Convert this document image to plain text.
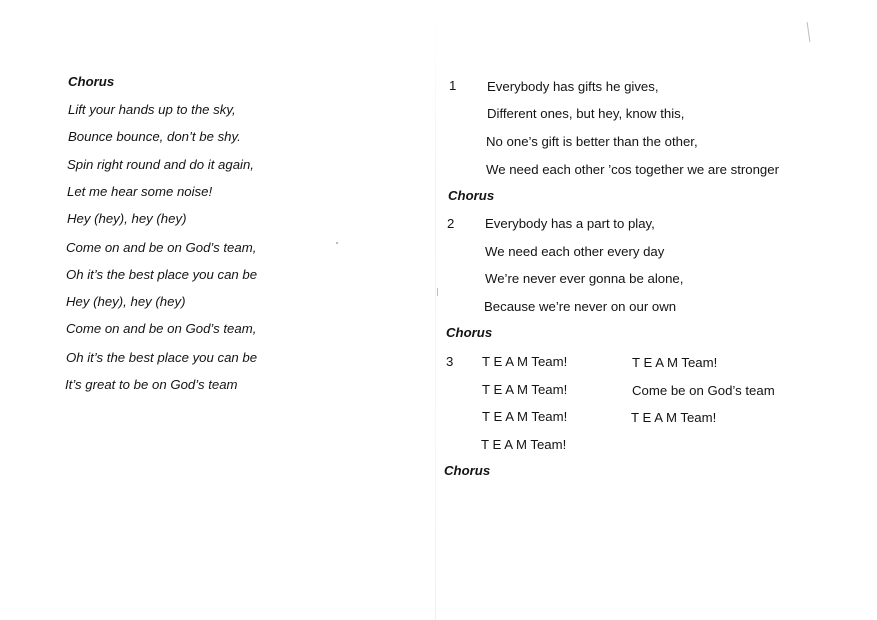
Chorus
Lift your hands up to the sky,
Bounce bounce, don’t be shy.
Spin right round and do it again,
Let me hear some noise!
Hey (hey), hey (hey)
Come on and be on God’s team,
Oh it’s the best place you can be
Hey (hey), hey (hey)
Come on and be on God’s team,
Oh it’s the best place you can be
It’s great to be on God’s team
1 Everybody has gifts he gives,
Different ones, but hey, know this,
No one’s gift is better than the other,
We need each other ’cos together we are stronger
Chorus
2 Everybody has a part to play,
We need each other every day
We’re never ever gonna be alone,
Because we’re never on our own
Chorus
3 T E A M Team!
T E A M Team!
T E A M Team!
T E A M Team!
T E A M Team!
Come be on God’s team
T E A M Team!
Chorus
